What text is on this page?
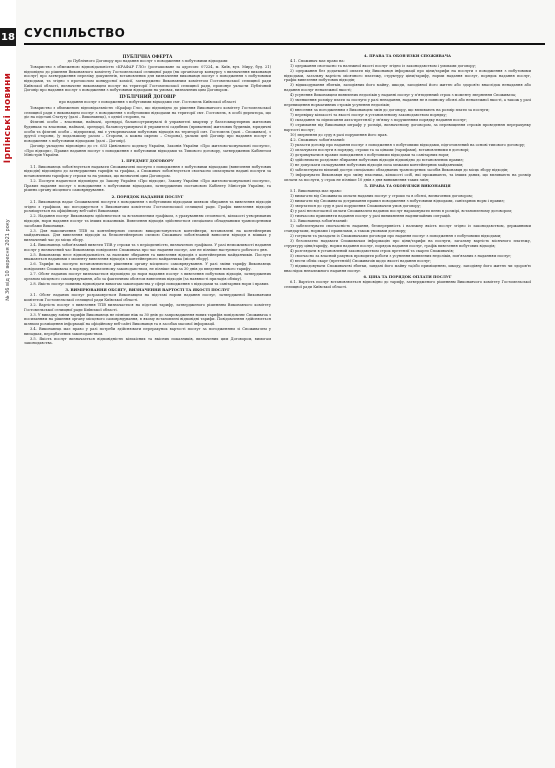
18
Ірпінські новини
№ 36 від 10 вересня 2021 року
СУСПІЛЬСТВО
ПУБЛІЧНА ОФЕРТА
до Публічного Договору про надання послуг з поводження з побутовими відходами

Товариство з обмеженою відповідальністю «КРАФАР ГЛО» (розташоване за адресою: 07224, м. Київ, вул. Миру, буд. 21) відповідно до рішення Виконавчого комітету Гостомельської селищної ради (як організатор конкурсу з визначення виконавця послуг) про затвердження переліку документів, встановлених для визначення виконавця послуг з поводження з побутовими відходами, та згідно з протоколом конкурсної комісії, затверджено Виконавчим комітетом Гостомельської селищної ради Київської області, визначене виконавцем послуг на території Гостомельської селищної ради, пропонує укласти Публічний Договір про надання послуг з поводження з побутовими відходами на умовах, визначених цим Договором.

ПУБЛІЧНИЙ ДОГОВІР
про надання послуг з поводження з побутовими відходами смт. Гостомель Київської області

Товариство з обмеженою відповідальністю «Крафар Гло», що відповідно до рішення Виконавчого комітету Гостомельської селищної ради є виконавцем послуг з поводження з побутовими відходами на території смт. Гостомель, в особі директора, що діє на підставі Статуту (далі – Виконавець), з однієї сторони, та

Фізичні особи – власники, наймачі, орендарі, балансоутримувачі й управителі квартир у багатоквартирних житлових будинках та власники, наймачі, орендарі, балансоутримувачі й управителі садибних (приватних) житлових будинків, юридичні особи та фізичні особи – підприємці, які є утворювачами побутових відходів на території смт. Гостомель (далі – Споживач), з другої сторони, (у подальшому разом – Сторони, а кожна окремо – Сторона), уклали цей Договір про надання послуг з поводження з побутовими відходами (далі – Договір).

Договір укладено відповідно до ст. 633 Цивільного кодексу України, Законів України «Про житлово-комунальні послуги», «Про відходи», Правил надання послуг з поводження з побутовими відходами та Типового договору, затверджених Кабінетом Міністрів України.

1. ПРЕДМЕТ ДОГОВОРУ

1.1. Виконавець зобов'язується надавати Споживачеві послуги з поводження з побутовими відходами (вивезення побутових відходів) відповідно до затверджених тарифів та графіка, а Споживач зобов'язується своєчасно оплачувати надані послуги за встановленим тарифом у строки та на умовах, що визначені цим Договором.

1.2. Послуги надаються відповідно до Закону України «Про відходи», Закону України «Про житлово-комунальні послуги», Правил надання послуг з поводження з побутовими відходами, затверджених постановою Кабінету Міністрів України, та рішень органу місцевого самоврядування.

2. ПОРЯДОК НАДАННЯ ПОСЛУГ

2.1. Виконавець надає Споживачеві послуги з поводження з побутовими відходами шляхом збирання та вивезення відходів згідно з графіком, що погоджується з Виконавчим комітетом Гостомельської селищної ради. Графік вивезення відходів розміщується на офіційному веб-сайті Виконавця.

2.2. Надання послуг Виконавцем здійснюється за встановленим графіком, з урахуванням сезонності, кількості утворюваних відходів, норм надання послуг та інших показників. Вивезення відходів здійснюється спеціально обладнаними транспортними засобами Виконавця.

2.3. Для накопичення ТПВ за контейнерною схемою використовуються контейнери, встановлені на контейнерних майданчиках. Для вивезення відходів за безконтейнерною схемою Споживач зобов'язаний виносити відходи в мішках у визначений час до місць збору.

2.4. Виконавець зобов'язаний вивезти ТПВ у строки та з періодичністю, визначеною графіком. У разі неможливості надання послуг у визначений час Виконавець повідомляє Споживача про час надання послуг, але не пізніше наступного робочого дня.

2.5. Виконавець несе відповідальність за належне збирання та вивезення відходів з контейнерних майданчиків. Послуги вважаються наданими з моменту вивезення відходів з контейнерного майданчика (місця збору).

2.6. Тарифи на послуги встановлюються рішенням органу місцевого самоврядування. У разі зміни тарифу Виконавець повідомляє Споживача в порядку, визначеному законодавством, не пізніше ніж за 30 днів до введення нового тарифу.

2.7. Обсяг наданих послуг визначається відповідно до норм надання послуг з вивезення побутових відходів, затверджених органом місцевого самоврядування, або за фактичним обсягом вивезених відходів (за наявності приладів обліку).

2.8. Якість послуг повинна відповідати вимогам законодавства у сфері поводження з відходами та санітарних норм і правил.

3. ВИМІРЮВАННЯ ОБСЯГУ, ВИЗНАЧЕННЯ ВАРТОСТІ ТА ЯКОСТІ ПОСЛУГ

3.1. Обсяг наданих послуг розраховується Виконавцем на підставі норми надання послуг, затвердженої Виконавчим комітетом Гостомельської селищної ради Київської області.

3.2. Вартість послуг з вивезення ТПВ визначається на підставі тарифу, затвердженого рішенням Виконавчого комітету Гостомельської селищної ради Київської області.

3.3. У випадку зміни тарифів Виконавець не пізніше ніж за 30 днів до запровадження нових тарифів повідомляє Споживача з посиланням на рішення органу місцевого самоврядування, в якому встановлені відповідні тарифи. Повідомлення здійснюється шляхом розміщення інформації на офіційному веб-сайті Виконавця та в засобах масової інформації.

3.4. Виконавець має право у разі потреби здійснювати перерахунок вартості послуг за погодженням зі Споживачем у випадках, передбачених законодавством.

3.5. Якість послуг визначається відповідністю кількісних та якісних показників, визначених цим Договором, вимогам законодавства.

4. ПРАВА ТА ОБОВ'ЯЗКИ СПОЖИВАЧА

4.1. Споживач має право на:

1) одержання своєчасно та належної якості послуг згідно із законодавством і умовами договору;

2) одержання без додаткової оплати від Виконавця інформації про ціни/тарифи на послуги з поводження з побутовими відходами, загальну вартість місячного платежу, структуру ціни/тарифу, норми надання послуг, порядок надання послуг, графік вивезення побутових відходів;

3) відшкодування збитків, заподіяних його майну, шкоди, заподіяної його життю або здоров'ю внаслідок ненадання або надання послуг неналежної якості;

4) усунення Виконавцем виявлених недоліків у наданні послуг у п'ятиденний строк з моменту звернення Споживача;

5) зменшення розміру плати за послуги у разі ненадання, надання не в повному обсязі або неналежної якості, а також у разі перевищення нормативних строків усунення недоліків;

6) внесення за погодженням з Виконавцем змін до договору, що впливають на розмір плати за послуги;

7) перевірку кількості та якості послуг в установленому законодавством порядку;

8) складання та підписання акта-претензії у зв'язку з порушенням порядку надання послуг;

9) отримання від Виконавця штрафу у розмірі, визначеному договором, за перевищення строків проведення перерахунку вартості послуг;

10) звернення до суду в разі порушення його прав.

4.2. Споживач зобов'язаний:

1) укласти договір про надання послуг з поводження з побутовими відходами, підготовлений на основі типового договору;

2) оплачувати послуги в порядку, строки та за цінами (тарифами), встановленими в договорі;

3) дотримуватися правил поводження з побутовими відходами та санітарних норм;

4) здійснювати роздільне збирання побутових відходів відповідно до встановлених правил;

5) не допускати складування побутових відходів поза межами контейнерних майданчиків;

6) забезпечувати вільний доступ спеціально обладнаних транспортних засобів Виконавця до місць збору відходів;

7) інформувати Виконавця про зміну власника, кількості осіб, які проживають, та інших даних, що впливають на розмір оплати за послуги, у строк не пізніше 10 днів з дня виникнення таких змін;

5. ПРАВА ТА ОБОВ'ЯЗКИ ВИКОНАВЦЯ

5.1. Виконавець має право:

1) вимагати від Споживача оплати наданих послуг у строки та в обсязі, визначених договором;

2) вимагати від Споживача дотримання правил поводження з побутовими відходами, санітарних норм і правил;

3) звертатися до суду в разі порушення Споживачем умов договору;

4) у разі несвоєчасної оплати Споживачем наданих послуг нараховувати пеню в розмірі, встановленому договором;

5) тимчасово припиняти надання послуг у разі виникнення надзвичайних ситуацій.

5.2. Виконавець зобов'язаний:

1) забезпечувати своєчасність надання, безперервність і належну якість послуг згідно із законодавством, державними стандартами, нормами і правилами, а також умовами договору;

2) готувати та укладати із Споживачами договори про надання послуг з поводження з побутовими відходами;

3) безоплатно надавати Споживачам інформацію про ціни/тарифи на послуги, загальну вартість місячного платежу, структуру ціни/тарифу, норми надання послуг, порядок надання послуг, графік вивезення побутових відходів;

4) розглядати в установлений законодавством строк претензії та скарги Споживачів;

5) своєчасно за власний рахунок проводити роботи з усунення виявлених недоліків, пов'язаних з наданням послуг;

6) вести облік скарг (претензій) Споживачів щодо якості надання послуг;

7) відшкодовувати Споживачеві збитки, завдані його майну та/або приміщенню, шкоду, заподіяну його життю чи здоров'ю внаслідок неналежного надання послуг.

6. ЦІНА ТА ПОРЯДОК ОПЛАТИ ПОСЛУГ

6.1. Вартість послуг встановлюється відповідно до тарифу, затвердженого рішенням Виконавчого комітету Гостомельської селищної ради Київської області.
